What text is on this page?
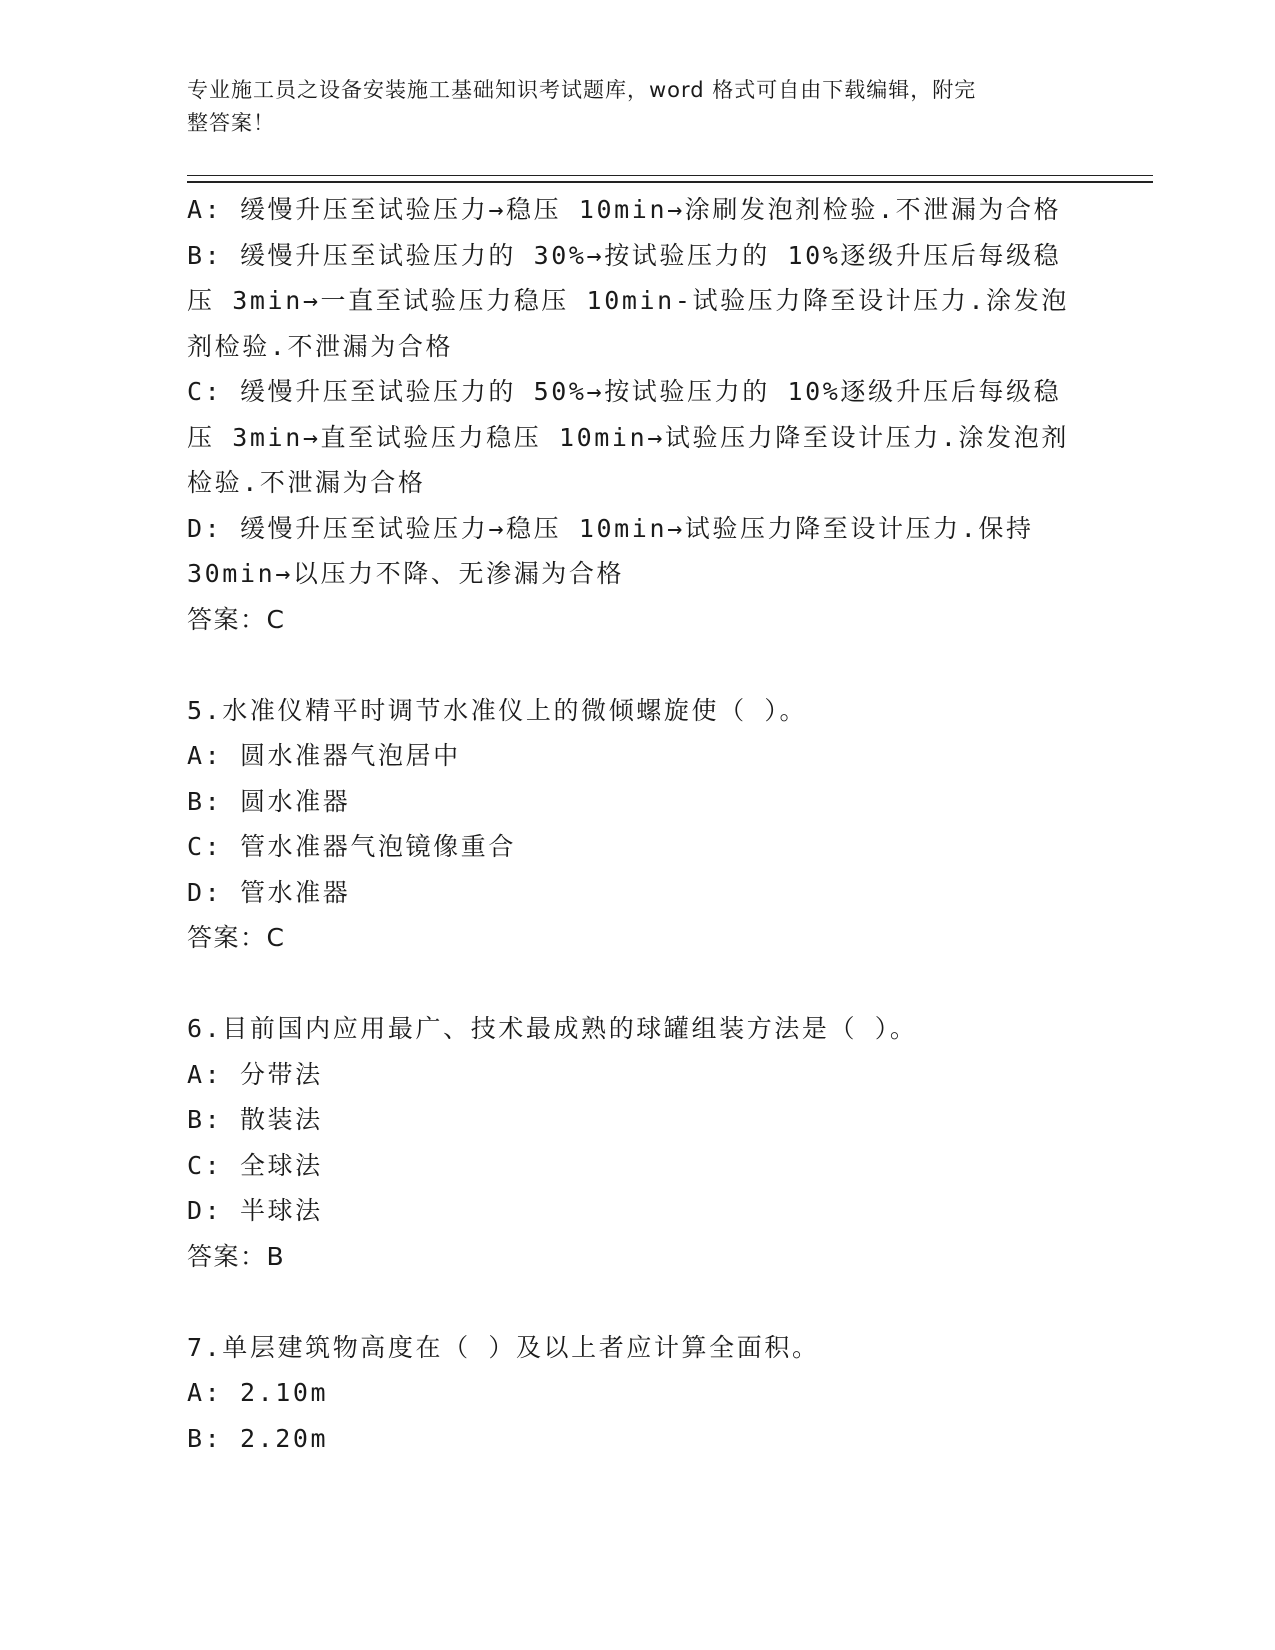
专业施工员之设备安装施工基础知识考试题库，word 格式可自由下载编辑，附完
整答案！
A: 缓慢升压至试验压力→稳压 10min→涂刷发泡剂检验.不泄漏为合格
B: 缓慢升压至试验压力的 30%→按试验压力的 10%逐级升压后每级稳
压 3min→一直至试验压力稳压 10min-试验压力降至设计压力.涂发泡
剂检验.不泄漏为合格
C: 缓慢升压至试验压力的 50%→按试验压力的 10%逐级升压后每级稳
压 3min→直至试验压力稳压 10min→试验压力降至设计压力.涂发泡剂
检验.不泄漏为合格
D: 缓慢升压至试验压力→稳压 10min→试验压力降至设计压力.保持
30min→以压力不降、无渗漏为合格
答案：C
5.水准仪精平时调节水准仪上的微倾螺旋使（ ）。
A: 圆水准器气泡居中
B: 圆水准器
C: 管水准器气泡镜像重合
D: 管水准器
答案：C
6.目前国内应用最广、技术最成熟的球罐组装方法是（ ）。
A: 分带法
B: 散装法
C: 全球法
D: 半球法
答案：B
7.单层建筑物高度在（ ）及以上者应计算全面积。
A: 2.10m
B: 2.20m
